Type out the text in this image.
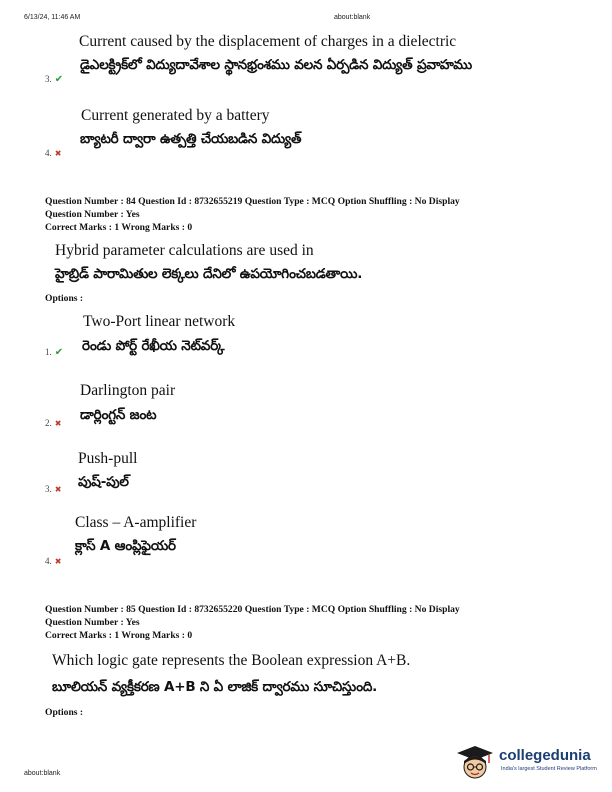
6/13/24, 11:46 AM	about:blank
Current caused by the displacement of charges in a dielectric
డైఎలక్ట్రిక్‌లో విద్యుదావేశాల స్థానభ్రంశము వలన ఏర్పడిన విద్యుత్ ప్రవాహము
3. ✔
Current generated by a battery
బ్యాటరీ ద్వారా ఉత్పత్తి చేయబడిన విద్యుత్
4. ✖
Question Number : 84 Question Id : 8732655219 Question Type : MCQ Option Shuffling : No Display
Question Number : Yes
Correct Marks : 1 Wrong Marks : 0
Hybrid parameter calculations are used in
హైబ్రిడ్ పారామితుల లెక్కలు దేనిలో ఉపయోగించబడతాయి.
Options :
Two-Port linear network
రెండు పోర్ట్ రేఖీయ నెట్‌వర్క్
1. ✔
Darlington pair
డార్లింగ్టన్ జంట
2. ✖
Push-pull
పుష్-పుల్
3. ✖
Class – A-amplifier
క్లాస్ A ఆంప్లిఫైయర్
4. ✖
Question Number : 85 Question Id : 8732655220 Question Type : MCQ Option Shuffling : No Display
Question Number : Yes
Correct Marks : 1 Wrong Marks : 0
Which logic gate represents the Boolean expression A+B.
బూలియన్ వ్యక్తీకరణ A+B ని ఏ లాజిక్ ద్వారము సూచిస్తుంది.
Options :
about:blank
collegedunia
India's largest Student Review Platform
